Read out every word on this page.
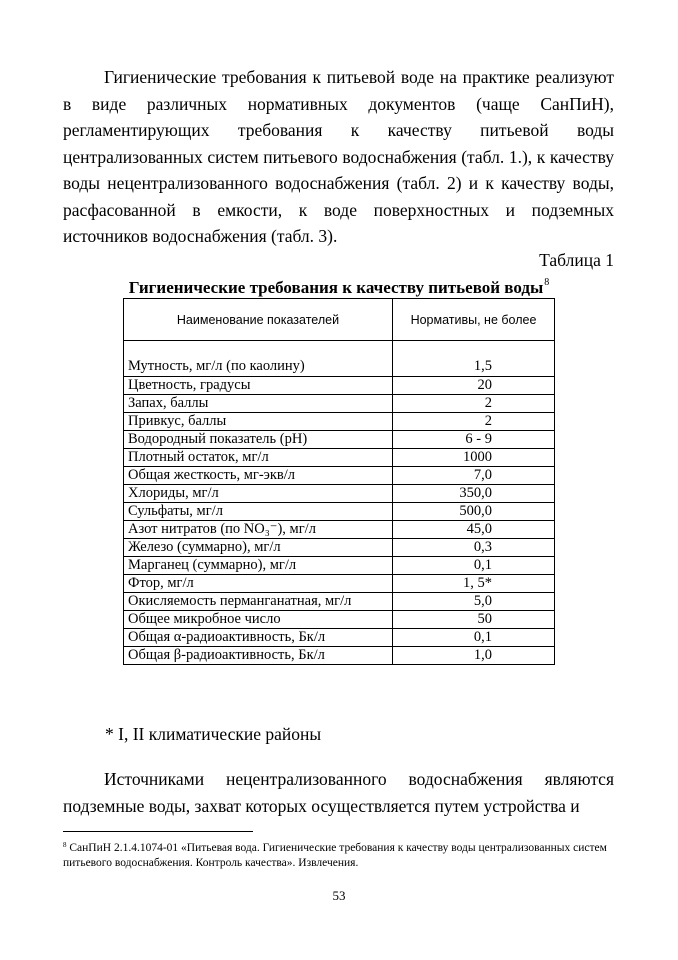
Гигиенические требования к питьевой воде на практике реализуют в виде различных нормативных документов (чаще СанПиН), регламентирующих требования к качеству питьевой воды централизованных систем питьевого водоснабжения (табл. 1.), к качеству воды нецентрализованного водоснабжения (табл. 2) и к качеству воды, расфасованной в емкости, к воде поверхностных и подземных источников водоснабжения (табл. 3).

Таблица 1
Гигиенические требования к качеству питьевой воды$^8$
Наименование показателей	Нормативы, не более
Мутность, мг/л (по каолину)	1,5
Цветность, градусы	20
Запах, баллы	2
Привкус, баллы	2
Водородный показатель (рН)	6 - 9
Плотный остаток, мг/л	1000
Общая жесткость, мг-экв/л	7,0
Хлориды, мг/л	350,0
Сульфаты, мг/л	500,0
Азот нитратов (по NO₃⁻), мг/л	45,0
Железо (суммарно), мг/л	0,3
Марганец (суммарно), мг/л	0,1
Фтор, мг/л	1, 5*
Окисляемость перманганатная, мг/л	5,0
Общее микробное число	50
Общая α-радиоактивность, Бк/л	0,1
Общая β-радиоактивность, Бк/л	1,0
* I, II климатические районы

Источниками нецентрализованного водоснабжения являются подземные воды, захват которых осуществляется путем устройства и

$^8$ СанПиН 2.1.4.1074-01 «Питьевая вода. Гигиенические требования к качеству воды централизованных систем питьевого водоснабжения. Контроль качества». Извлечения.
53
